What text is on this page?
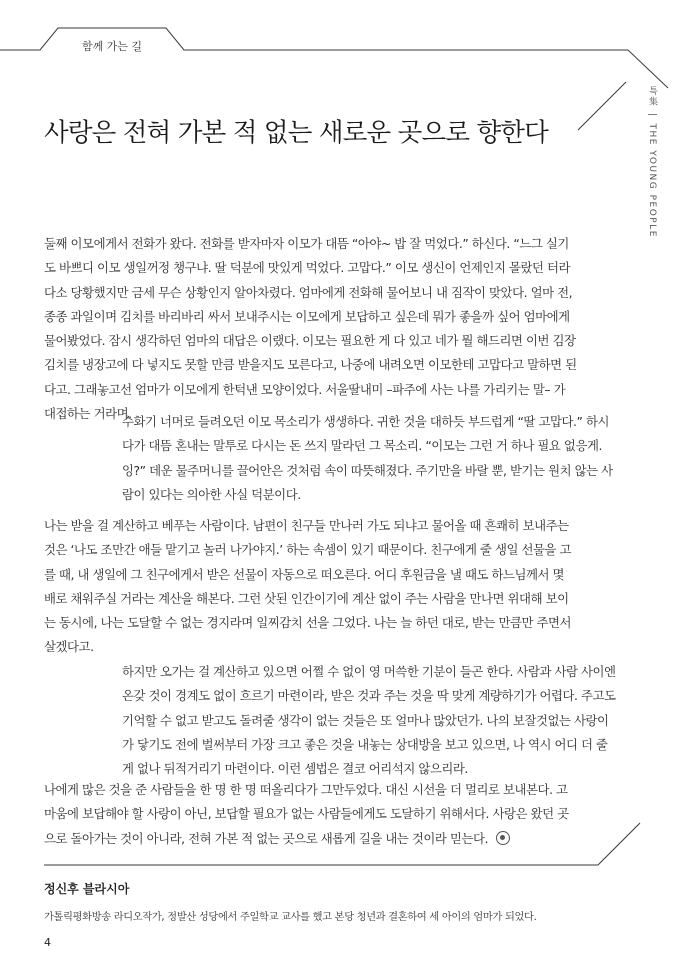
함께 가는 길
특集|THE YOUNG PEOPLE
사랑은 전혀 가본 적 없는 새로운 곳으로 향한다

둘째 이모에게서 전화가 왔다. 전화를 받자마자 이모가 대뜸 “아야~ 밥 잘 먹었다.” 하신다. “느그 실기도 바쁘디 이모 생일꺼정 챙구냐. 딸 덕분에 맛있게 먹었다. 고맙다.” 이모 생신이 언제인지 몰랐던 터라 다소 당황했지만 금세 무슨 상황인지 알아차렸다. 엄마에게 전화해 물어보니 내 짐작이 맞았다. 얼마 전, 종종 과일이며 김치를 바리바리 싸서 보내주시는 이모에게 보답하고 싶은데 뭐가 좋을까 싶어 엄마에게 물어봤었다. 잠시 생각하던 엄마의 대답은 이랬다. 이모는 필요한 게 다 있고 네가 뭘 해드리면 이번 김장김치를 냉장고에 다 넣지도 못할 만큼 받을지도 모른다고, 나중에 내려오면 이모한테 고맙다고 말하면 된다고. 그래놓고선 엄마가 이모에게 한턱낸 모양이었다. 서울딸내미 –파주에 사는 나를 가리키는 말– 가 대접하는 거라며.

수화기 너머로 들려오던 이모 목소리가 생생하다. 귀한 것을 대하듯 부드럽게 “딸 고맙다.” 하시다가 대뜸 혼내는 말투로 다시는 돈 쓰지 말라던 그 목소리. “이모는 그런 거 하나 필요 없응게. 잉?” 데운 물주머니를 끌어안은 것처럼 속이 따뜻해졌다. 주기만을 바랄 뿐, 받기는 원치 않는 사람이 있다는 의아한 사실 덕분이다.

나는 받을 걸 계산하고 베푸는 사람이다. 남편이 친구들 만나러 가도 되냐고 물어올 때 흔쾌히 보내주는 것은 ‘나도 조만간 애들 맡기고 놀러 나가야지.’ 하는 속셈이 있기 때문이다. 친구에게 줄 생일 선물을 고를 때, 내 생일에 그 친구에게서 받은 선물이 자동으로 떠오른다. 어디 후원금을 낼 때도 하느님께서 몇 배로 채워주실 거라는 계산을 해본다. 그런 삿된 인간이기에 계산 없이 주는 사람을 만나면 위대해 보이는 동시에, 나는 도달할 수 없는 경지라며 일찌감치 선을 그었다. 나는 늘 하던 대로, 받는 만큼만 주면서 살겠다고.

하지만 오가는 걸 계산하고 있으면 어쩔 수 없이 영 머쓱한 기분이 들곤 한다. 사람과 사람 사이엔 온갖 것이 경계도 없이 흐르기 마련이라, 받은 것과 주는 것을 딱 맞게 계량하기가 어렵다. 주고도 기억할 수 없고 받고도 돌려줄 생각이 없는 것들은 또 얼마나 많았던가. 나의 보잘것없는 사랑이 가 닿기도 전에 벌써부터 가장 크고 좋은 것을 내놓는 상대방을 보고 있으면, 나 역시 어디 더 줄게 없나 뒤적거리기 마련이다. 이런 셈법은 결코 어리석지 않으리라.

나에게 많은 것을 준 사람들을 한 명 한 명 떠올리다가 그만두었다. 대신 시선을 더 멀리로 보내본다. 고마움에 보답해야 할 사랑이 아닌, 보답할 필요가 없는 사람들에게도 도달하기 위해서다. 사랑은 왔던 곳으로 돌아가는 것이 아니라, 전혀 가본 적 없는 곳으로 새롭게 길을 내는 것이라 믿는다.

정신후 블라시아
가톨릭평화방송 라디오작가, 정발산 성당에서 주일학교 교사를 했고 본당 청년과 결혼하여 세 아이의 엄마가 되었다.
4
